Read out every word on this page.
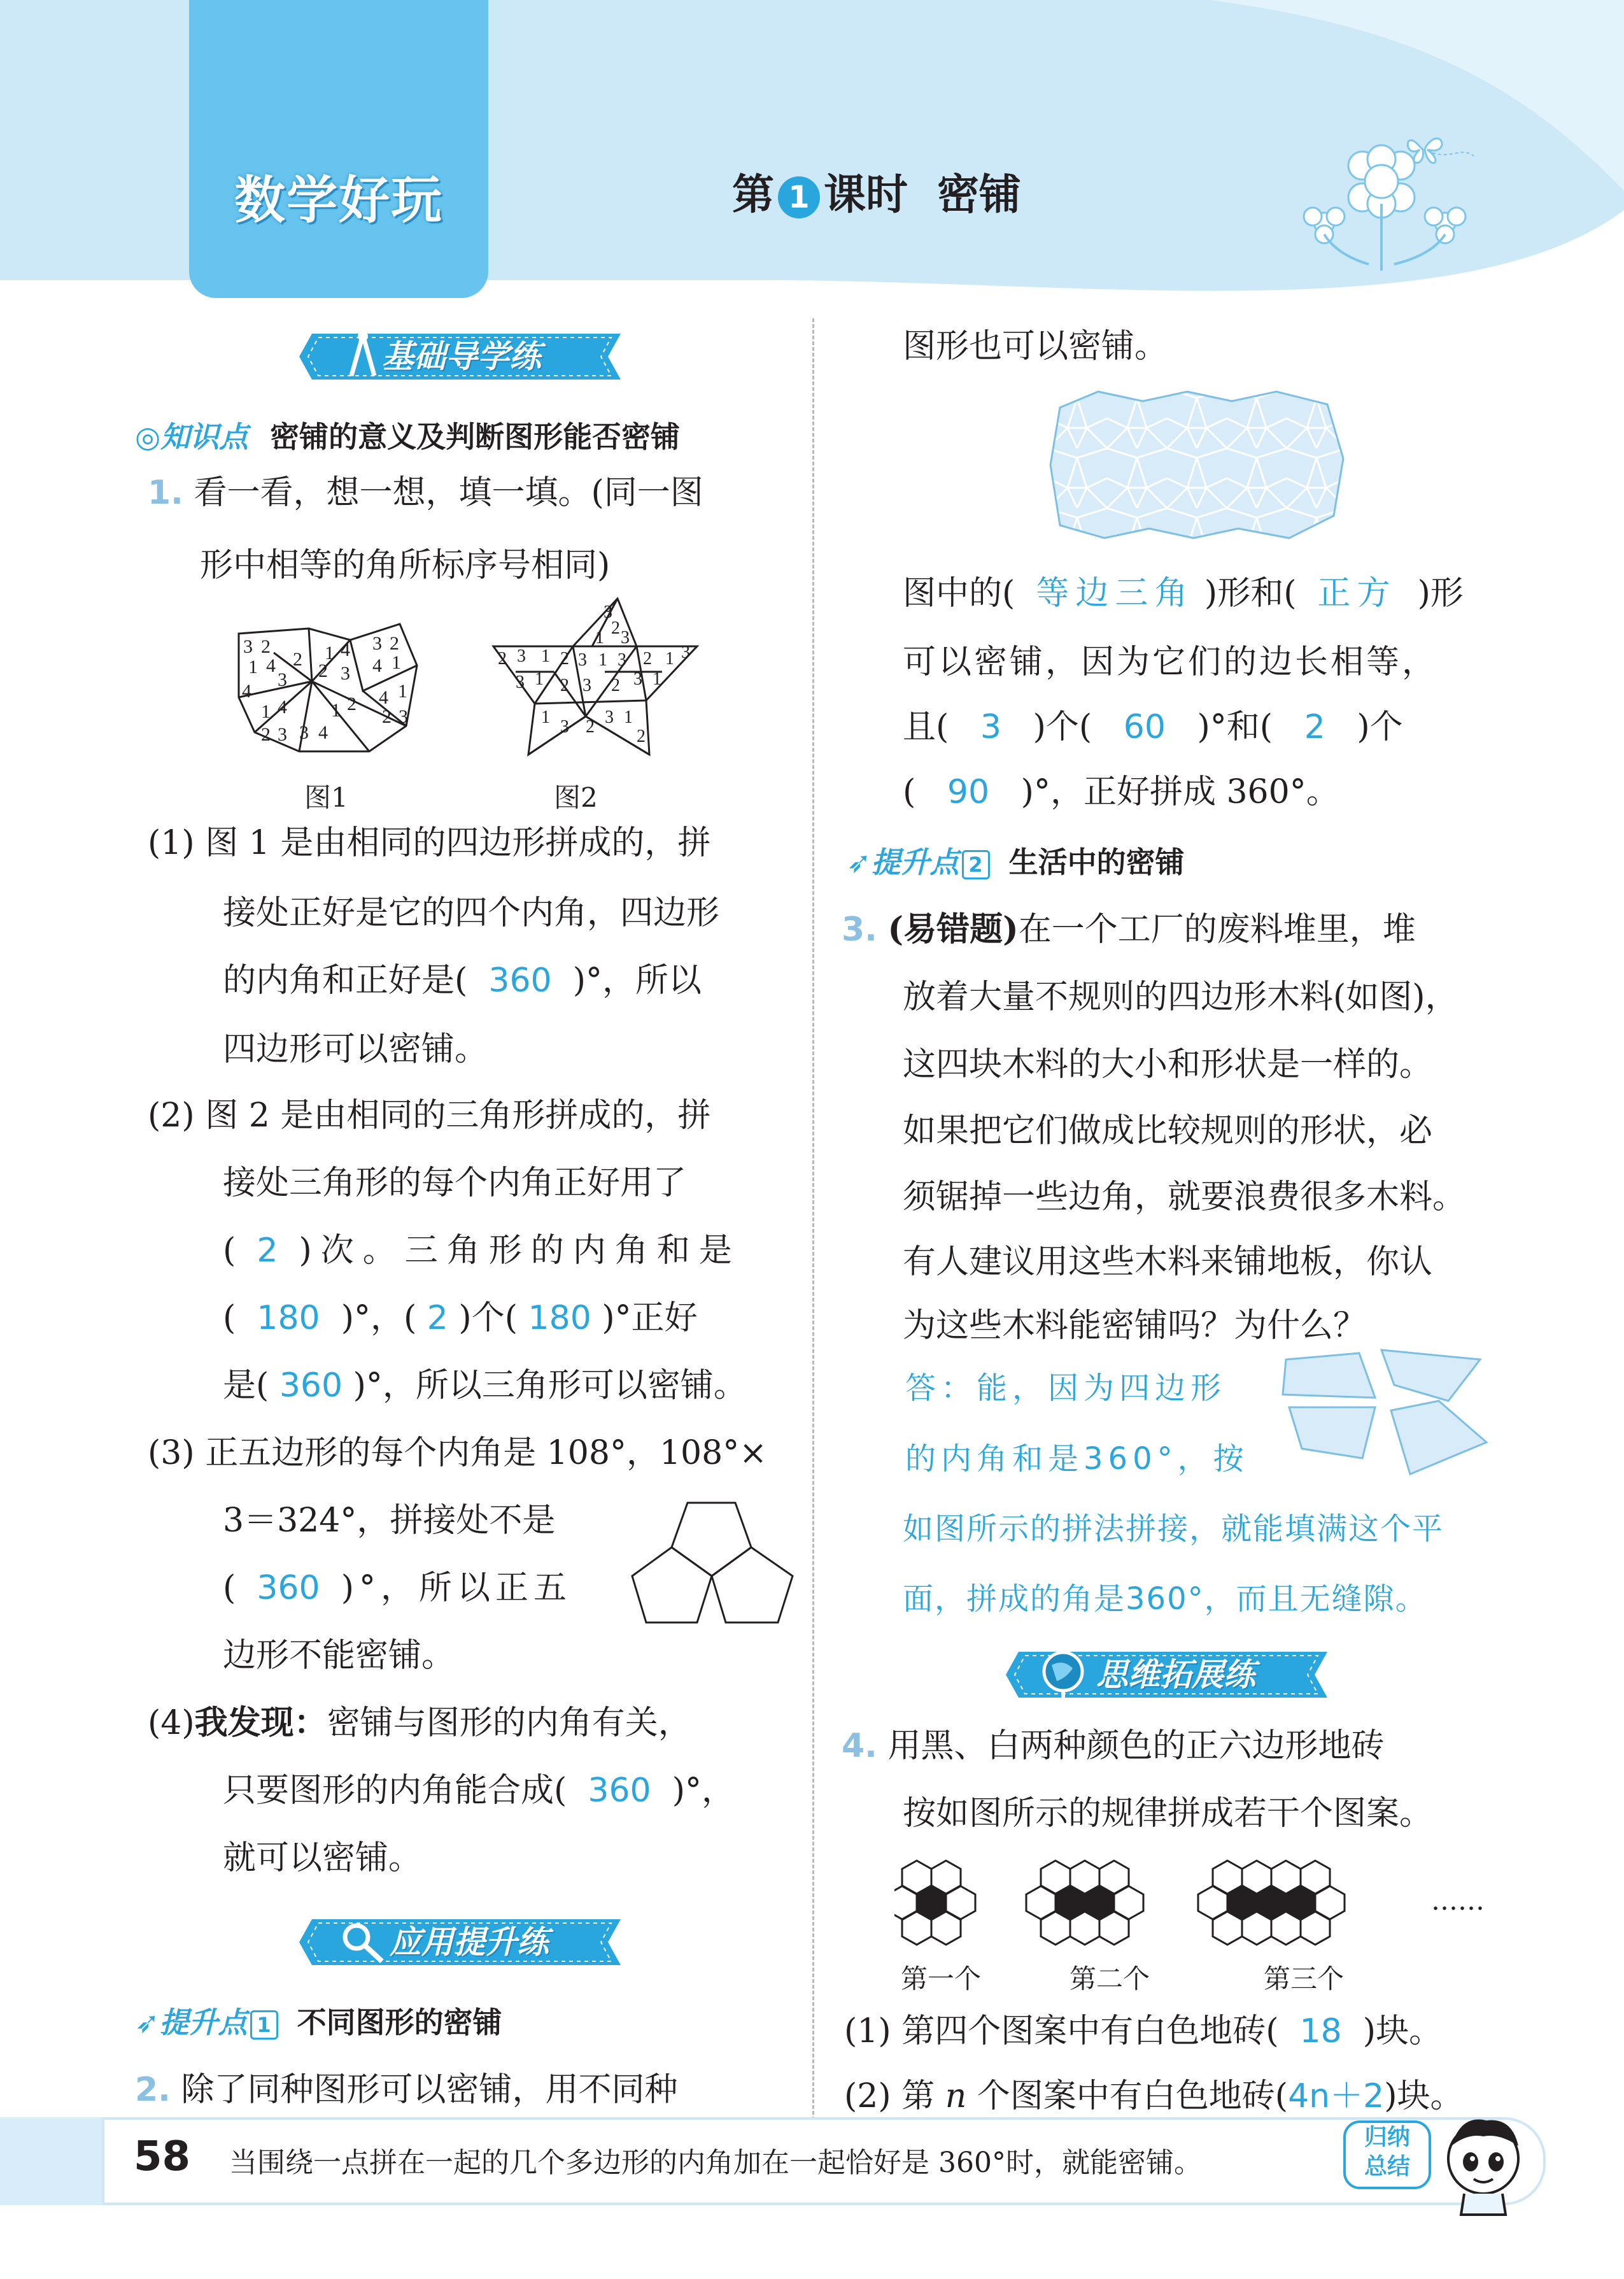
数学好玩	第 1 课时 密铺
基础导学练
◎知识点 密铺的意义及判断图形能否密铺
1. 看一看，想一想，填一填。(同一图
形中相等的角所标序号相同)
3 2
1 4
4
3
2 1 4
2 3
3 2
4 1
1 4
2 3 3 4
1 2 4 1
2 3
图1
3
2
1 3
2 3 1 2 3 1 3 2 1 3
3 1 2 3 2 3 1
1 3 2 3 1
2
图2
(1) 图 1 是由相同的四边形拼成的，拼
接处正好是它的四个内角，四边形
的内角和正好是( 360 )°，所以
四边形可以密铺。
(2) 图 2 是由相同的三角形拼成的，拼
接处三角形的每个内角正好用了
( 2 )次。三角形的内角和是
( 180 )°，( 2 )个( 180 )°正好
是( 360 )°，所以三角形可以密铺。
(3) 正五边形的每个内角是 108°，108°×
3＝324°，拼接处不是
( 360 )°，所以正五
边形不能密铺。
(4)我发现：密铺与图形的内角有关，
只要图形的内角能合成( 360 )°，
就可以密铺。
应用提升练
➶提升点 1 不同图形的密铺
2. 除了同种图形可以密铺，用不同种
图形也可以密铺。
图中的( 等边三角 )形和( 正方 )形
可以密铺，因为它们的边长相等，
且( 3 )个( 60 )°和( 2 )个
( 90 )°，正好拼成 360°。
➶提升点 2 生活中的密铺
3. (易错题)在一个工厂的废料堆里，堆
放着大量不规则的四边形木料(如图)，
这四块木料的大小和形状是一样的。
如果把它们做成比较规则的形状，必
须锯掉一些边角，就要浪费很多木料。
有人建议用这些木料来铺地板，你认
为这些木料能密铺吗？为什么？
答：能，因为四边形
的内角和是360°，按
如图所示的拼法拼接，就能填满这个平
面，拼成的角是360°，而且无缝隙。
思维拓展练
4. 用黑、白两种颜色的正六边形地砖
按如图所示的规律拼成若干个图案。
……
第一个	第二个	第三个
(1) 第四个图案中有白色地砖( 18 )块。
(2) 第 n 个图案中有白色地砖(4n＋2)块。
58 当围绕一点拼在一起的几个多边形的内角加在一起恰好是 360°时，就能密铺。
归纳
总结
